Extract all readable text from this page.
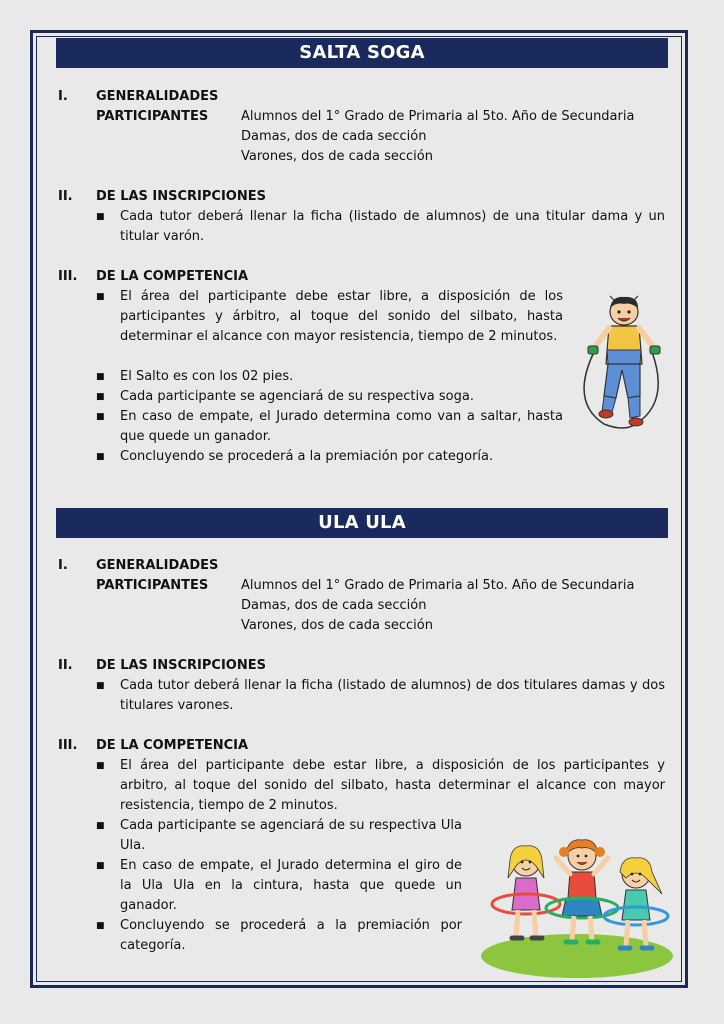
SALTA SOGA
I. GENERALIDADES
PARTICIPANTES	Alumnos del 1° Grado de Primaria al 5to. Año de Secundaria
Damas, dos de cada sección
Varones, dos de cada sección
II. DE LAS INSCRIPCIONES
■ Cada tutor deberá llenar la ficha (listado de alumnos) de una titular dama y un titular varón.
III. DE LA COMPETENCIA
■ El área del participante debe estar libre, a disposición de los participantes y árbitro, al toque del sonido del silbato, hasta determinar el alcance con mayor resistencia, tiempo de 2 minutos.
■ El Salto es con los 02 pies.
■ Cada participante se agenciará de su respectiva soga.
■ En caso de empate, el Jurado determina como van a saltar, hasta que quede un ganador.
■ Concluyendo se procederá a la premiación por categoría.
ULA ULA
I. GENERALIDADES
PARTICIPANTES	Alumnos del 1° Grado de Primaria al 5to. Año de Secundaria
Damas, dos de cada sección
Varones, dos de cada sección
II. DE LAS INSCRIPCIONES
■ Cada tutor deberá llenar la ficha (listado de alumnos) de dos titulares damas y dos titulares varones.
III. DE LA COMPETENCIA
■ El área del participante debe estar libre, a disposición de los participantes y arbitro, al toque del sonido del silbato, hasta determinar el alcance con mayor resistencia, tiempo de 2 minutos.
■ Cada participante se agenciará de su respectiva Ula Ula.
■ En caso de empate, el Jurado determina el giro de la Ula Ula en la cintura, hasta que quede un ganador.
■ Concluyendo se procederá a la premiación por categoría.
